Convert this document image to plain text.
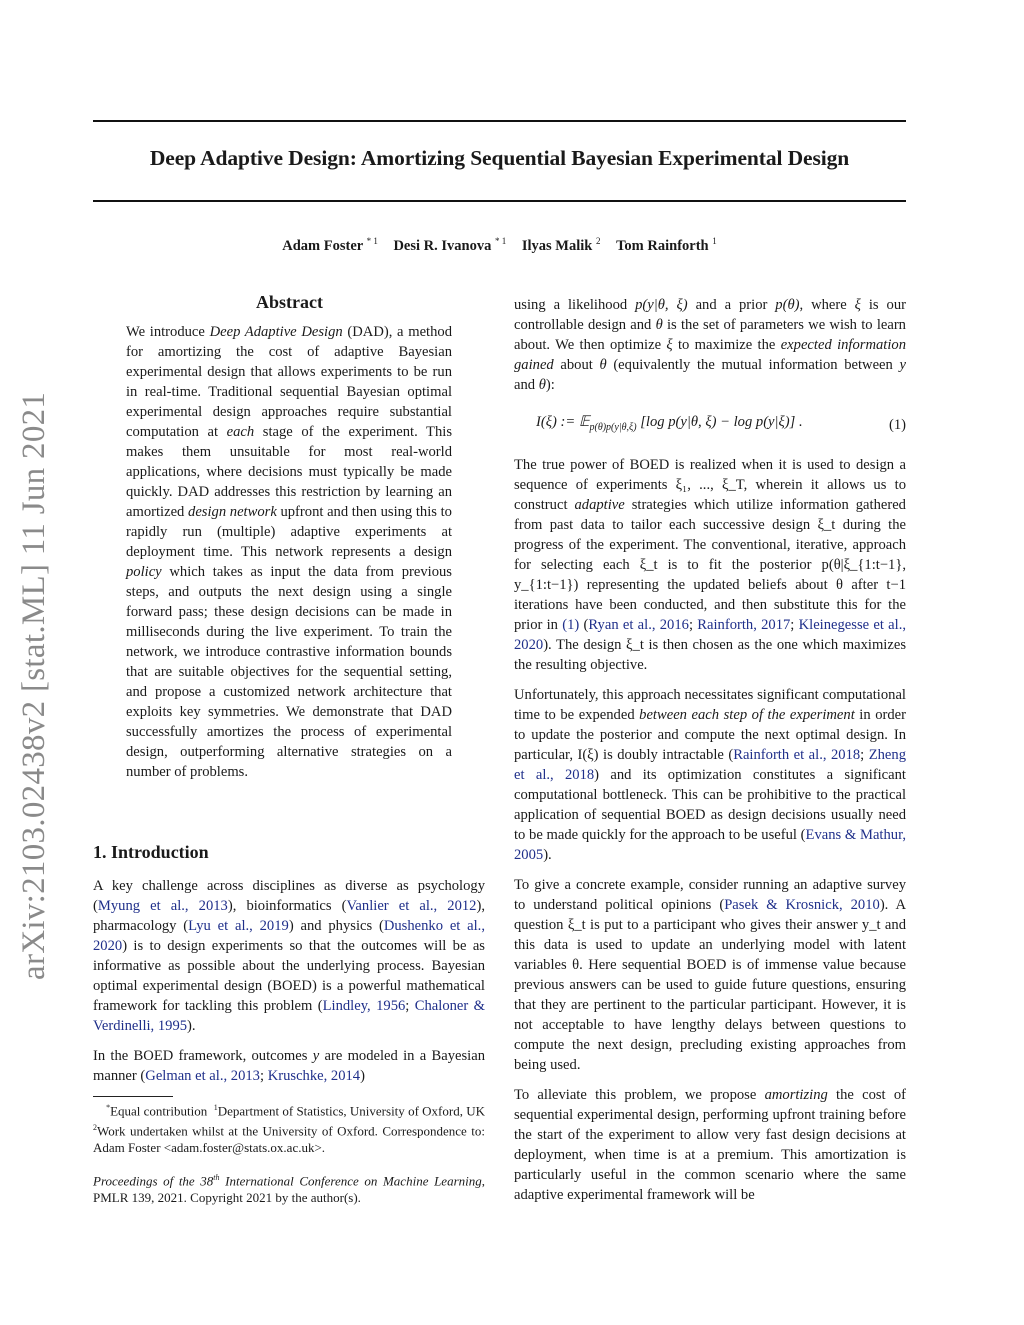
Deep Adaptive Design: Amortizing Sequential Bayesian Experimental Design
Adam Foster $^{* 1}$ Desi R. Ivanova $^{* 1}$ Ilyas Malik $^2$ Tom Rainforth $^1$
arXiv:2103.02438v2 [stat.ML] 11 Jun 2021
Abstract

We introduce Deep Adaptive Design (DAD), a method for amortizing the cost of adaptive Bayesian experimental design that allows experiments to be run in real-time. Traditional sequential Bayesian optimal experimental design approaches require substantial computation at each stage of the experiment. This makes them unsuitable for most real-world applications, where decisions must typically be made quickly. DAD addresses this restriction by learning an amortized design network upfront and then using this to rapidly run (multiple) adaptive experiments at deployment time. This network represents a design policy which takes as input the data from previous steps, and outputs the next design using a single forward pass; these design decisions can be made in milliseconds during the live experiment. To train the network, we introduce contrastive information bounds that are suitable objectives for the sequential setting, and propose a customized network architecture that exploits key symmetries. We demonstrate that DAD successfully amortizes the process of experimental design, outperforming alternative strategies on a number of problems.

1. Introduction

A key challenge across disciplines as diverse as psychology (Myung et al., 2013), bioinformatics (Vanlier et al., 2012), pharmacology (Lyu et al., 2019) and physics (Dushenko et al., 2020) is to design experiments so that the outcomes will be as informative as possible about the underlying process. Bayesian optimal experimental design (BOED) is a powerful mathematical framework for tackling this problem (Lindley, 1956; Chaloner & Verdinelli, 1995).

In the BOED framework, outcomes y are modeled in a Bayesian manner (Gelman et al., 2013; Kruschke, 2014)

*Equal contribution $^1$Department of Statistics, University of Oxford, UK $^2$Work undertaken whilst at the University of Oxford. Correspondence to: Adam Foster <adam.foster@stats.ox.ac.uk>.

Proceedings of the 38th International Conference on Machine Learning, PMLR 139, 2021. Copyright 2021 by the author(s).

using a likelihood p(y|θ, ξ) and a prior p(θ), where ξ is our controllable design and θ is the set of parameters we wish to learn about. We then optimize ξ to maximize the expected information gained about θ (equivalently the mutual information between y and θ):

I(ξ) := 𝔼$_{p(\theta)p(y|\theta,\xi)}$ [log p(y|θ, ξ) − log p(y|ξ)] .	(1)

The true power of BOED is realized when it is used to design a sequence of experiments ξ₁, ..., ξ_T, wherein it allows us to construct adaptive strategies which utilize information gathered from past data to tailor each successive design ξ_t during the progress of the experiment. The conventional, iterative, approach for selecting each ξ_t is to fit the posterior p(θ|ξ_{1:t−1}, y_{1:t−1}) representing the updated beliefs about θ after t−1 iterations have been conducted, and then substitute this for the prior in (1) (Ryan et al., 2016; Rainforth, 2017; Kleinegesse et al., 2020). The design ξ_t is then chosen as the one which maximizes the resulting objective.

Unfortunately, this approach necessitates significant computational time to be expended between each step of the experiment in order to update the posterior and compute the next optimal design. In particular, I(ξ) is doubly intractable (Rainforth et al., 2018; Zheng et al., 2018) and its optimization constitutes a significant computational bottleneck. This can be prohibitive to the practical application of sequential BOED as design decisions usually need to be made quickly for the approach to be useful (Evans & Mathur, 2005).

To give a concrete example, consider running an adaptive survey to understand political opinions (Pasek & Krosnick, 2010). A question ξ_t is put to a participant who gives their answer y_t and this data is used to update an underlying model with latent variables θ. Here sequential BOED is of immense value because previous answers can be used to guide future questions, ensuring that they are pertinent to the particular participant. However, it is not acceptable to have lengthy delays between questions to compute the next design, precluding existing approaches from being used.

To alleviate this problem, we propose amortizing the cost of sequential experimental design, performing upfront training before the start of the experiment to allow very fast design decisions at deployment, when time is at a premium. This amortization is particularly useful in the common scenario where the same adaptive experimental framework will be
